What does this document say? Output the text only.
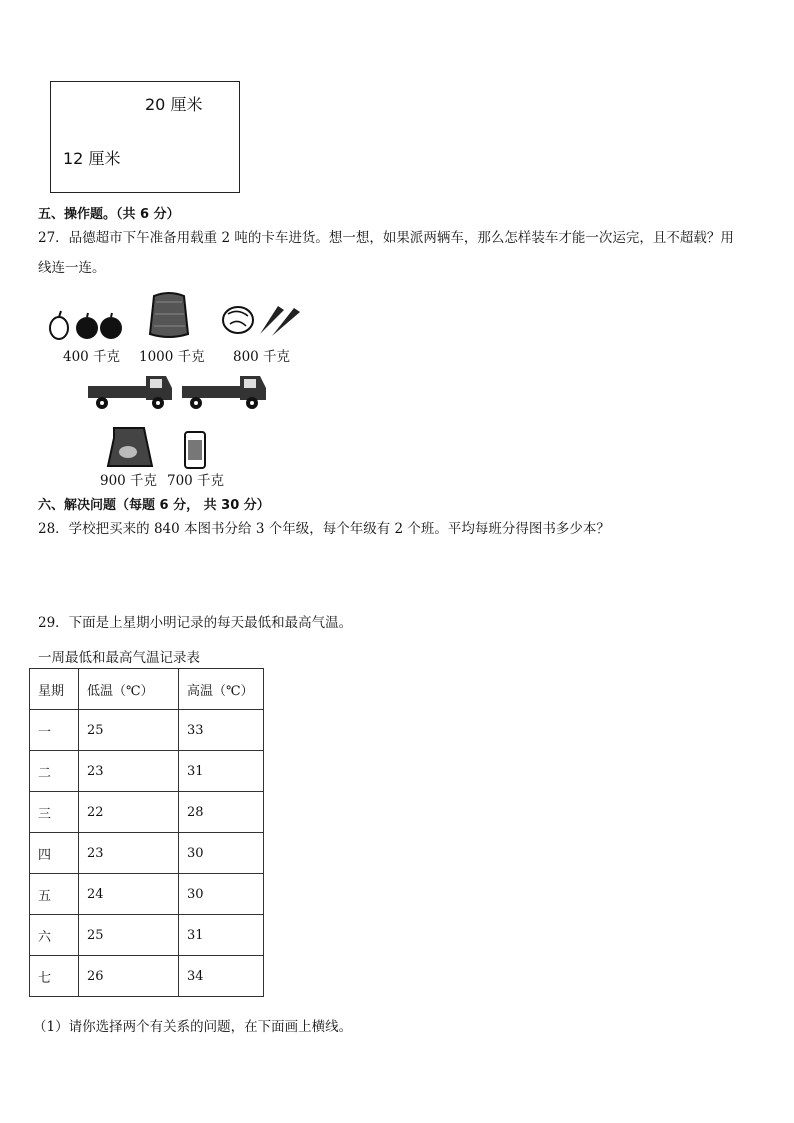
20 厘米
12 厘米
五、操作题。（共 6 分）
27．品德超市下午准备用载重 2 吨的卡车进货。想一想，如果派两辆车，那么怎样装车才能一次运完，且不超载？用
线连一连。
400 千克 1000 千克 800 千克
900 千克 700 千克
六、解决问题（每题 6 分， 共 30 分）
28．学校把买来的 840 本图书分给 3 个年级，每个年级有 2 个班。平均每班分得图书多少本？
29．下面是上星期小明记录的每天最低和最高气温。
一周最低和最高气温记录表
星期	低温（℃）	高温（℃）
一	25	33
二	23	31
三	22	28
四	23	30
五	24	30
六	25	31
七	26	34
（1）请你选择两个有关系的问题，在下面画上横线。
